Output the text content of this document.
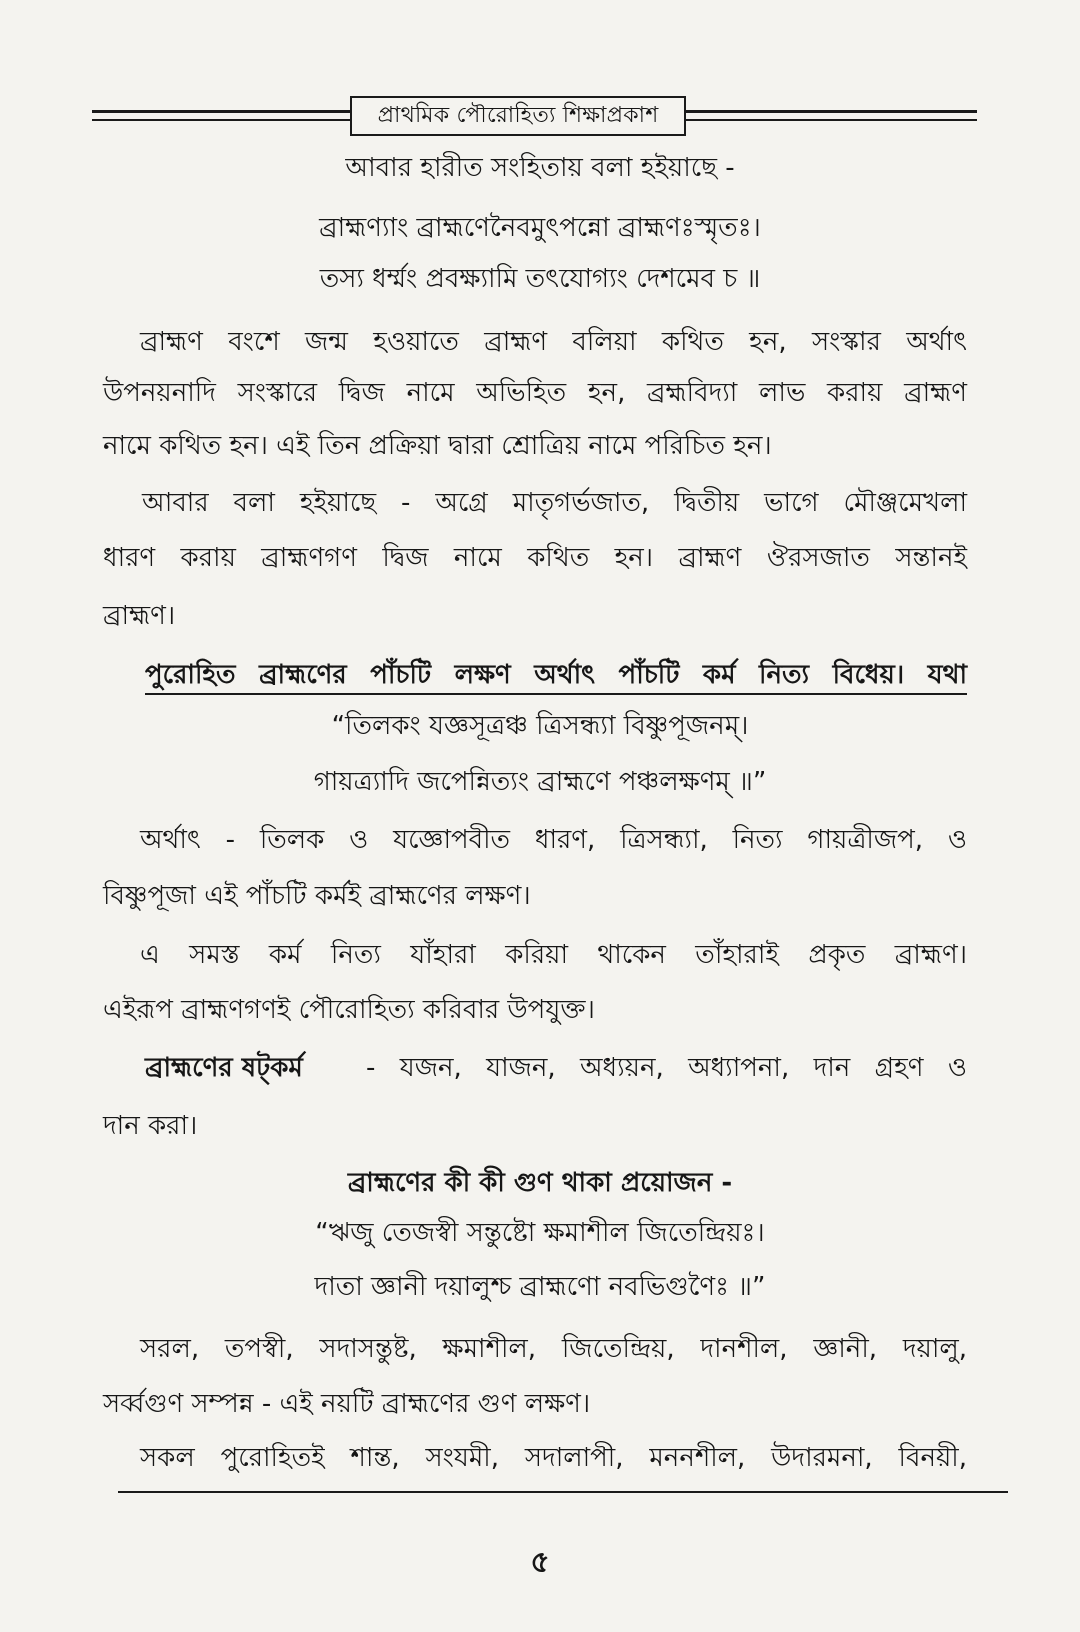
প্রাথমিক পৌরোহিত্য শিক্ষাপ্রকাশ
আবার হারীত সংহিতায় বলা হইয়াছে -
ব্রাহ্মণ্যাং ব্রাহ্মণেনৈবমুৎপন্নো ব্রাহ্মণঃস্মৃতঃ।
তস্য ধর্ম্মং প্রবক্ষ্যামি তৎযোগ্যং দেশমেব চ ॥
ব্রাহ্মণ বংশে জন্ম হওয়াতে ব্রাহ্মণ বলিয়া কথিত হন, সংস্কার অর্থাৎ
উপনয়নাদি সংস্কারে দ্বিজ নামে অভিহিত হন, ব্রহ্মবিদ্যা লাভ করায় ব্রাহ্মণ
নামে কথিত হন। এই তিন প্রক্রিয়া দ্বারা শ্রোত্রিয় নামে পরিচিত হন।
আবার বলা হইয়াছে - অগ্রে মাতৃগর্ভজাত, দ্বিতীয় ভাগে মৌঞ্জমেখলা
ধারণ করায় ব্রাহ্মণগণ দ্বিজ নামে কথিত হন। ব্রাহ্মণ ঔরসজাত সন্তানই
ব্রাহ্মণ।
পুরোহিত ব্রাহ্মণের পাঁচটি লক্ষণ অর্থাৎ পাঁচটি কর্ম নিত্য বিধেয়। যথা
“তিলকং যজ্ঞসূত্রঞ্চ ত্রিসন্ধ্যা বিষ্ণুপূজনম্।
গায়ত্র্যাদি জপেন্নিত্যং ব্রাহ্মণে পঞ্চলক্ষণম্ ॥”
অর্থাৎ - তিলক ও যজ্ঞোপবীত ধারণ, ত্রিসন্ধ্যা, নিত্য গায়ত্রীজপ, ও
বিষ্ণুপূজা এই পাঁচটি কর্মই ব্রাহ্মণের লক্ষণ।
এ সমস্ত কর্ম নিত্য যাঁহারা করিয়া থাকেন তাঁহারাই প্রকৃত ব্রাহ্মণ।
এইরূপ ব্রাহ্মণগণই পৌরোহিত্য করিবার উপযুক্ত।
ব্রাহ্মণের ষট্‌কর্ম - যজন, যাজন, অধ্যয়ন, অধ্যাপনা, দান গ্রহণ ও
দান করা।
ব্রাহ্মণের কী কী গুণ থাকা প্রয়োজন -
“ঋজু তেজস্বী সন্তুষ্টো ক্ষমাশীল জিতেন্দ্রিয়ঃ।
দাতা জ্ঞানী দয়ালুশ্চ ব্রাহ্মণো নবভিগুণৈঃ ॥”
সরল, তপস্বী, সদাসন্তুষ্ট, ক্ষমাশীল, জিতেন্দ্রিয়, দানশীল, জ্ঞানী, দয়ালু,
সর্ব্বগুণ সম্পন্ন - এই নয়টি ব্রাহ্মণের গুণ লক্ষণ।
সকল পুরোহিতই শান্ত, সংযমী, সদালাপী, মননশীল, উদারমনা, বিনয়ী,
৫
